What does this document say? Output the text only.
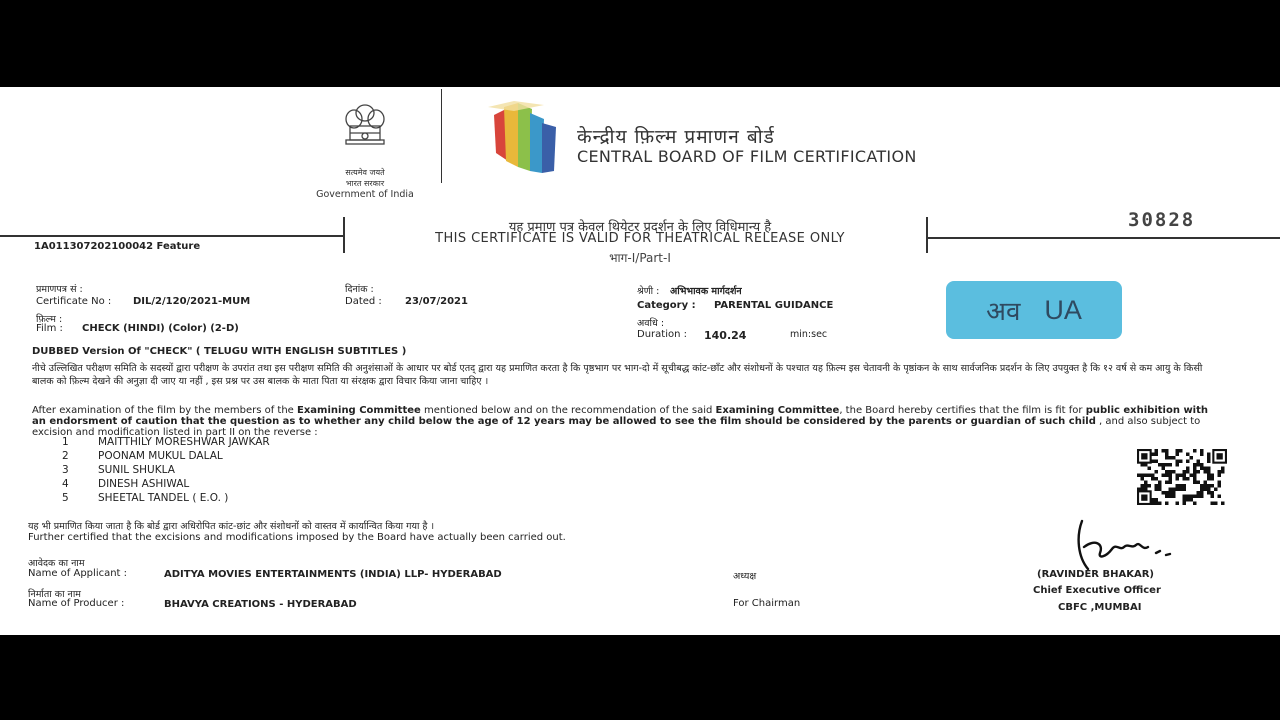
सत्यमेव जयते
भारत सरकार
Government of India
केन्द्रीय फ़िल्म प्रमाणन बोर्ड
CENTRAL BOARD OF FILM CERTIFICATION
यह प्रमाण पत्र केवल थियेटर प्रदर्शन के लिए विधिमान्य है
THIS CERTIFICATE IS VALID FOR THEATRICAL RELEASE ONLY
भाग-I/Part-I
30828
1A011307202100042 Feature
प्रमाणपत्र सं :
Certificate No : DIL/2/120/2021-MUM
फ़िल्म :
Film : CHECK (HINDI) (Color) (2-D)
दिनांक :
Dated : 23/07/2021
श्रेणी : अभिभावक मार्गदर्शन
Category : PARENTAL GUIDANCE
अवधि :
Duration : 140.24	min:sec
अव UA
DUBBED Version Of "CHECK" ( TELUGU WITH ENGLISH SUBTITLES )
नीचे उल्लिखित परीक्षण समिति के सदस्यों द्वारा परीक्षण के उपरांत तथा इस परीक्षण समिति की अनुशंसाओं के आधार पर बोर्ड एतद् द्वारा यह प्रमाणित करता है कि पृष्ठभाग पर भाग-दो में सूचीबद्ध कांट-छाँट और संशोधनों के पश्चात यह फ़िल्म इस चेतावनी के पृष्ठांकन के साथ सार्वजनिक प्रदर्शन के लिए उपयुक्त है कि १२ वर्ष से कम आयु के किसी बालक को फ़िल्म देखने की अनुज्ञा दी जाए या नहीं , इस प्रश्न पर उस बालक के माता पिता या संरक्षक द्वारा विचार किया जाना चाहिए ।
After examination of the film by the members of the Examining Committee mentioned below and on the recommendation of the said Examining Committee, the Board hereby certifies that the film is fit for public exhibition with an endorsment of caution that the question as to whether any child below the age of 12 years may be allowed to see the film should be considered by the parents or guardian of such child , and also subject to excision and modification listed in part II on the reverse :
1	MAITTHILY MORESHWAR JAWKAR
2	POONAM MUKUL DALAL
3	SUNIL SHUKLA
4	DINESH ASHIWAL
5	SHEETAL TANDEL ( E.O. )
यह भी प्रमाणित किया जाता है कि बोर्ड द्वारा अधिरोपित कांट-छांट और संशोधनों को वास्तव में कार्यान्वित किया गया है ।
Further certified that the excisions and modifications imposed by the Board have actually been carried out.
आवेदक का नाम
Name of Applicant :	ADITYA MOVIES ENTERTAINMENTS (INDIA) LLP- HYDERABAD
निर्माता का नाम
Name of Producer :	BHAVYA CREATIONS - HYDERABAD
अध्यक्ष
For Chairman
(RAVINDER BHAKAR)
Chief Executive Officer
CBFC ,MUMBAI
